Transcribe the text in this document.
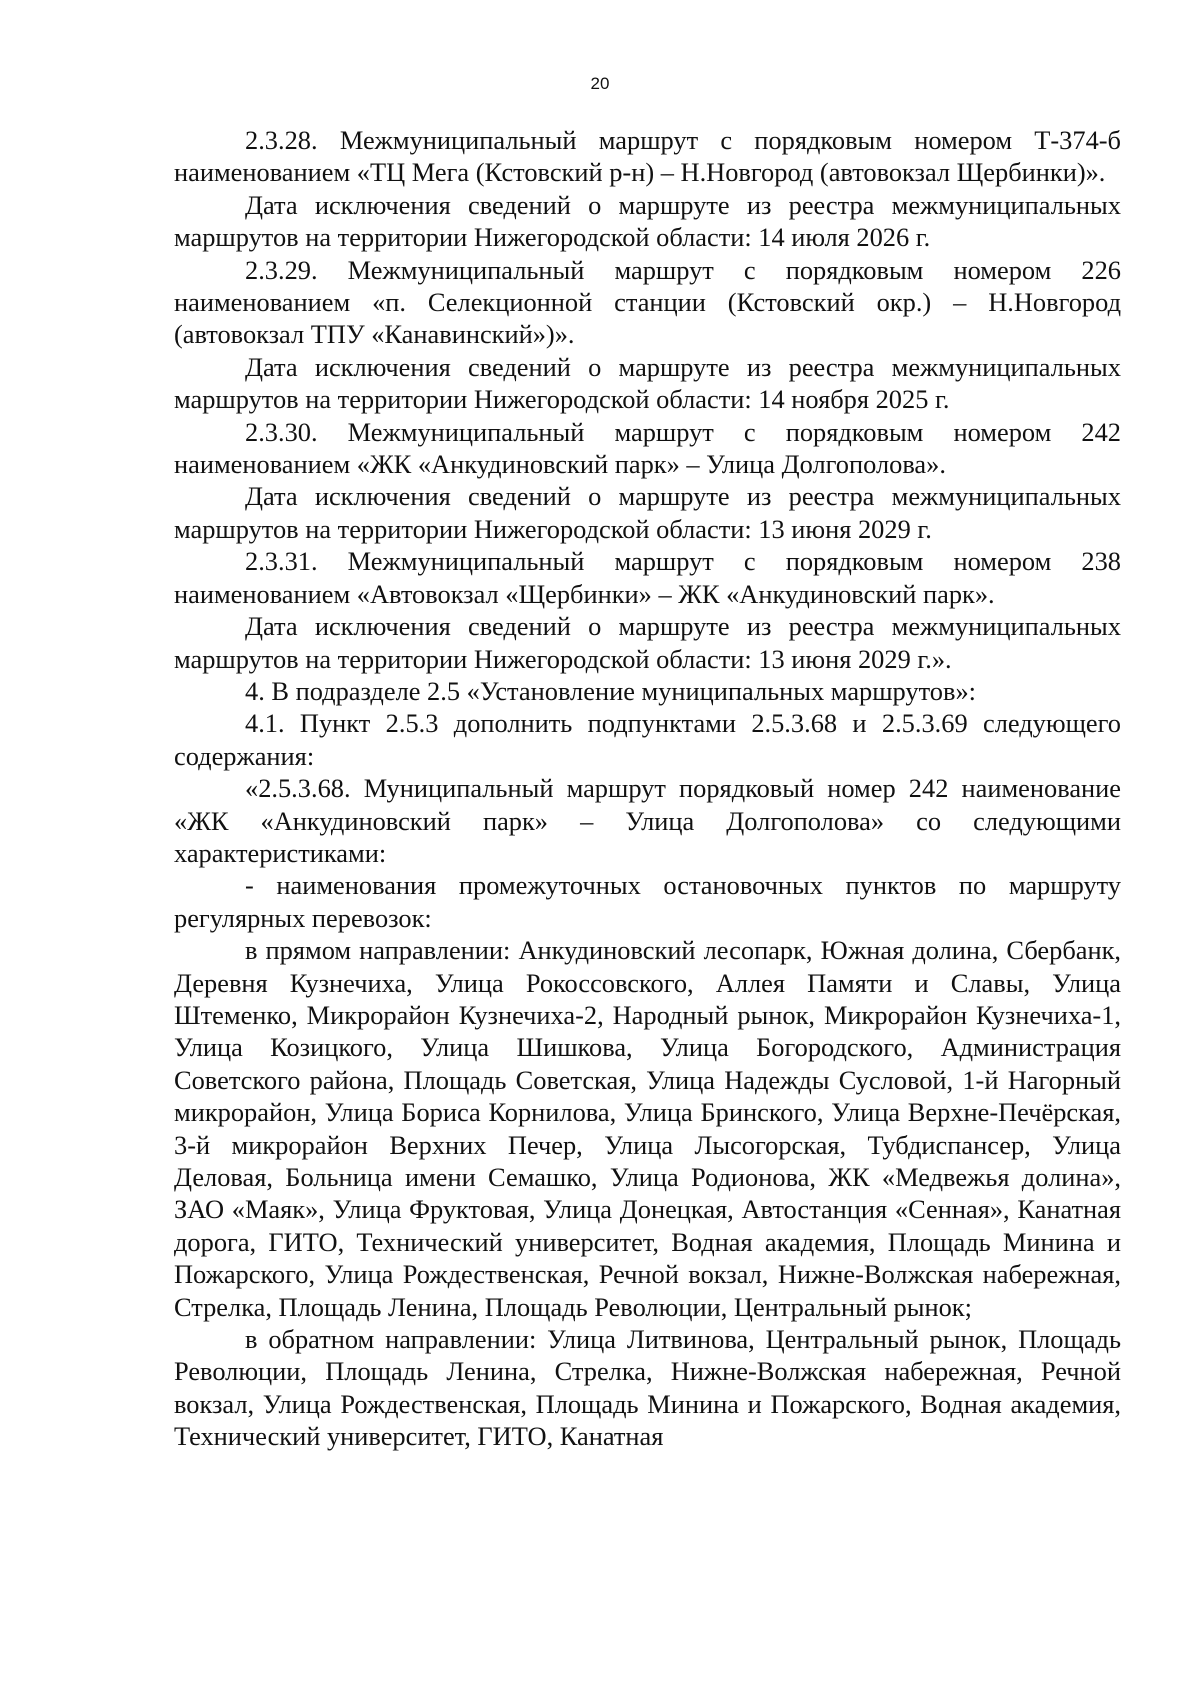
20

2.3.28. Межмуниципальный маршрут с порядковым номером Т-374-б наименованием «ТЦ Мега (Кстовский р-н) – Н.Новгород (автовокзал Щербинки)».

Дата исключения сведений о маршруте из реестра межмуниципальных маршрутов на территории Нижегородской области: 14 июля 2026 г.

2.3.29. Межмуниципальный маршрут с порядковым номером 226 наименованием «п. Селекционной станции (Кстовский окр.) – Н.Новгород (автовокзал ТПУ «Канавинский»)».

Дата исключения сведений о маршруте из реестра межмуниципальных маршрутов на территории Нижегородской области: 14 ноября 2025 г.

2.3.30. Межмуниципальный маршрут с порядковым номером 242 наименованием «ЖК «Анкудиновский парк» – Улица Долгополова».

Дата исключения сведений о маршруте из реестра межмуниципальных маршрутов на территории Нижегородской области: 13 июня 2029 г.

2.3.31. Межмуниципальный маршрут с порядковым номером 238 наименованием «Автовокзал «Щербинки» – ЖК «Анкудиновский парк».

Дата исключения сведений о маршруте из реестра межмуниципальных маршрутов на территории Нижегородской области: 13 июня 2029 г.».

4. В подразделе 2.5 «Установление муниципальных маршрутов»:

4.1. Пункт 2.5.3 дополнить подпунктами 2.5.3.68 и 2.5.3.69 следующего содержания:

«2.5.3.68. Муниципальный маршрут порядковый номер 242 наименование «ЖК «Анкудиновский парк» – Улица Долгополова» со следующими характеристиками:

- наименования промежуточных остановочных пунктов по маршруту регулярных перевозок:

в прямом направлении: Анкудиновский лесопарк, Южная долина, Сбербанк, Деревня Кузнечиха, Улица Рокоссовского, Аллея Памяти и Славы, Улица Штеменко, Микрорайон Кузнечиха-2, Народный рынок, Микрорайон Кузнечиха-1, Улица Козицкого, Улица Шишкова, Улица Богородского, Администрация Советского района, Площадь Советская, Улица Надежды Сусловой, 1-й Нагорный микрорайон, Улица Бориса Корнилова, Улица Бринского, Улица Верхне-Печёрская, 3-й микрорайон Верхних Печер, Улица Лысогорская, Тубдиспансер, Улица Деловая, Больница имени Семашко, Улица Родионова, ЖК «Медвежья долина», ЗАО «Маяк», Улица Фруктовая, Улица Донецкая, Автостанция «Сенная», Канатная дорога, ГИТО, Технический университет, Водная академия, Площадь Минина и Пожарского, Улица Рождественская, Речной вокзал, Нижне-Волжская набережная, Стрелка, Площадь Ленина, Площадь Революции, Центральный рынок;

в обратном направлении: Улица Литвинова, Центральный рынок, Площадь Революции, Площадь Ленина, Стрелка, Нижне-Волжская набережная, Речной вокзал, Улица Рождественская, Площадь Минина и Пожарского, Водная академия, Технический университет, ГИТО, Канатная
